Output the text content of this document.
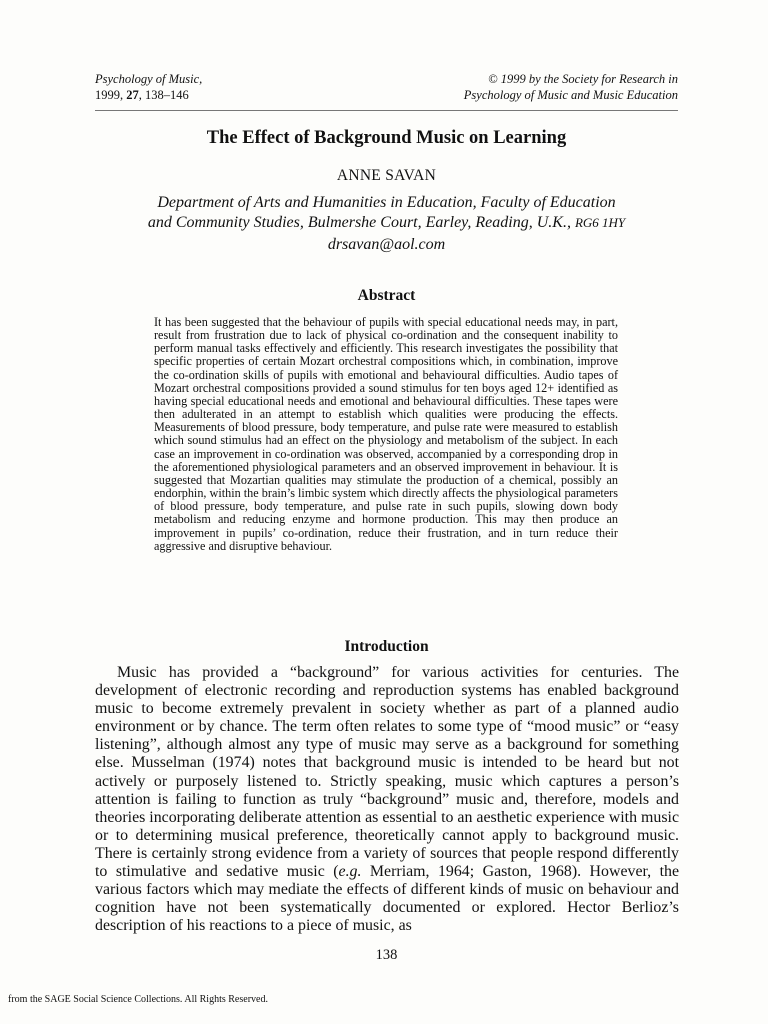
Psychology of Music,
1999, 27, 138–146
© 1999 by the Society for Research in
Psychology of Music and Music Education
The Effect of Background Music on Learning
ANNE SAVAN
Department of Arts and Humanities in Education, Faculty of Education
and Community Studies, Bulmershe Court, Earley, Reading, U.K., RG6 1HY
drsavan@aol.com
Abstract
It has been suggested that the behaviour of pupils with special educational needs may, in part, result from frustration due to lack of physical co-ordination and the consequent inability to perform manual tasks effectively and efficiently. This research investigates the possibility that specific properties of certain Mozart orchestral compositions which, in combination, improve the co-ordination skills of pupils with emotional and behavioural difficulties. Audio tapes of Mozart orchestral compositions provided a sound stimulus for ten boys aged 12+ identified as having special educational needs and emotional and behavioural difficulties. These tapes were then adulterated in an attempt to establish which qualities were producing the effects. Measurements of blood pressure, body temperature, and pulse rate were measured to establish which sound stimulus had an effect on the physiology and metabolism of the subject. In each case an improvement in co-ordination was observed, accompanied by a corresponding drop in the aforementioned physiological parameters and an observed improvement in behaviour. It is suggested that Mozartian qualities may stimulate the production of a chemical, possibly an endorphin, within the brain’s limbic system which directly affects the physiological parameters of blood pressure, body temperature, and pulse rate in such pupils, slowing down body metabolism and reducing enzyme and hormone production. This may then produce an improvement in pupils’ co-ordination, reduce their frustration, and in turn reduce their aggressive and disruptive behaviour.
Introduction
Music has provided a “background” for various activities for centuries. The development of electronic recording and reproduction systems has enabled background music to become extremely prevalent in society whether as part of a planned audio environment or by chance. The term often relates to some type of “mood music” or “easy listening”, although almost any type of music may serve as a background for something else. Musselman (1974) notes that background music is intended to be heard but not actively or purposely listened to. Strictly speaking, music which captures a person’s attention is failing to function as truly “background” music and, therefore, models and theories incorporating deliberate attention as essential to an aesthetic experience with music or to determining musical preference, theoretically cannot apply to background music. There is certainly strong evidence from a variety of sources that people respond differently to stimulative and sedative music (e.g. Merriam, 1964; Gaston, 1968). However, the various factors which may mediate the effects of different kinds of music on behaviour and cognition have not been systematically documented or explored. Hector Berlioz’s description of his reactions to a piece of music, as
138
from the SAGE Social Science Collections. All Rights Reserved.
